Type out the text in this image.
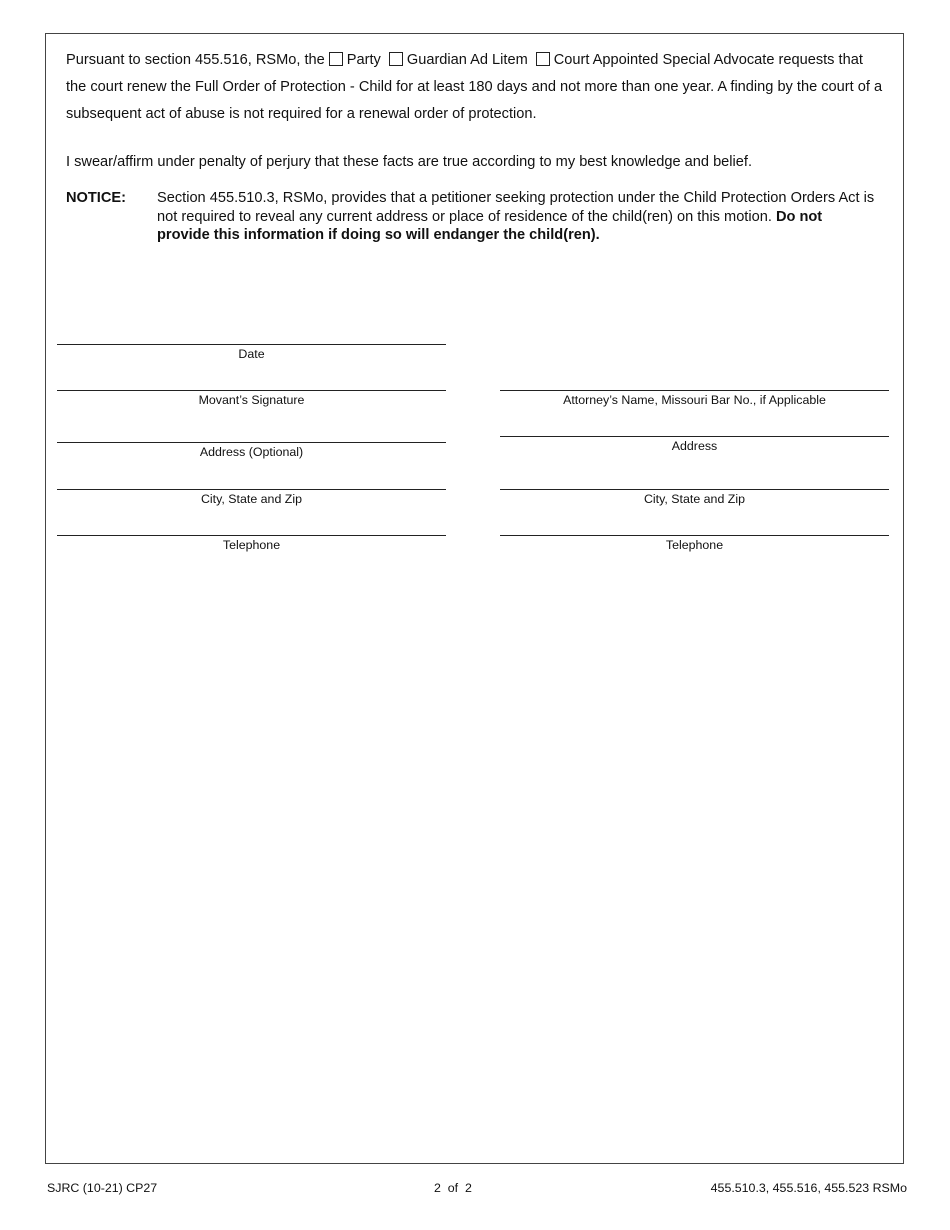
Pursuant to section 455.516, RSMo, the Party Guardian Ad Litem Court Appointed Special Advocate requests that the court renew the Full Order of Protection - Child for at least 180 days and not more than one year. A finding by the court of a subsequent act of abuse is not required for a renewal order of protection.
I swear/affirm under penalty of perjury that these facts are true according to my best knowledge and belief.
NOTICE: Section 455.510.3, RSMo, provides that a petitioner seeking protection under the Child Protection Orders Act is not required to reveal any current address or place of residence of the child(ren) on this motion. Do not provide this information if doing so will endanger the child(ren).
Date
Movant’s Signature
Address (Optional)
City, State and Zip
Telephone
Attorney’s Name, Missouri Bar No., if Applicable
Address
City, State and Zip
Telephone
SJRC (10-21) CP27	2  of  2	455.510.3, 455.516, 455.523 RSMo
